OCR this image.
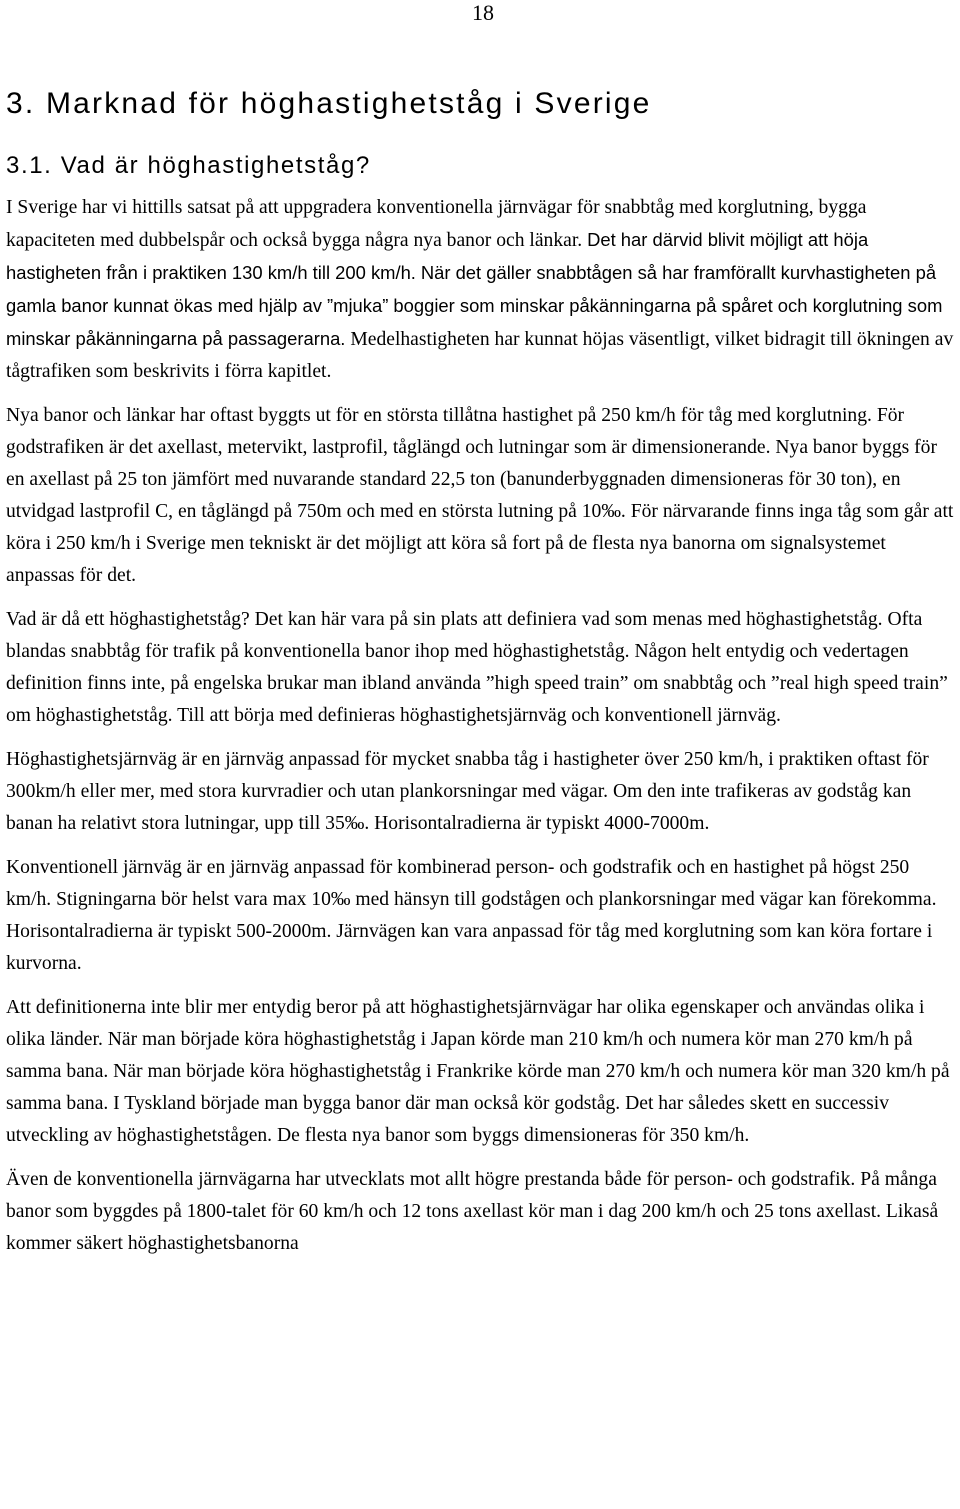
18
3. Marknad för höghastighetståg i Sverige
3.1. Vad är höghastighetståg?

I Sverige har vi hittills satsat på att uppgradera konventionella järnvägar för snabbtåg med korglutning, bygga kapaciteten med dubbelspår och också bygga några nya banor och länkar. Det har därvid blivit möjligt att höja hastigheten från i praktiken 130 km/h till 200 km/h. När det gäller snabbtågen så har framförallt kurvhastigheten på gamla banor kunnat ökas med hjälp av ”mjuka” boggier som minskar påkänningarna på spåret och korglutning som minskar påkänningarna på passagerarna. Medelhastigheten har kunnat höjas väsentligt, vilket bidragit till ökningen av tågtrafiken som beskrivits i förra kapitlet.

Nya banor och länkar har oftast byggts ut för en största tillåtna hastighet på 250 km/h för tåg med korglutning. För godstrafiken är det axellast, metervikt, lastprofil, tåglängd och lutningar som är dimensionerande. Nya banor byggs för en axellast på 25 ton jämfört med nuvarande standard 22,5 ton (banunderbyggnaden dimensioneras för 30 ton), en utvidgad lastprofil C, en tåglängd på 750m och med en största lutning på 10‰. För närvarande finns inga tåg som går att köra i 250 km/h i Sverige men tekniskt är det möjligt att köra så fort på de flesta nya banorna om signalsystemet anpassas för det.

Vad är då ett höghastighetståg? Det kan här vara på sin plats att definiera vad som menas med höghastighetståg. Ofta blandas snabbtåg för trafik på konventionella banor ihop med höghastighetståg. Någon helt entydig och vedertagen definition finns inte, på engelska brukar man ibland använda ”high speed train” om snabbtåg och ”real high speed train” om höghastighetståg. Till att börja med definieras höghastighetsjärnväg och konventionell järnväg.

Höghastighetsjärnväg är en järnväg anpassad för mycket snabba tåg i hastigheter över 250 km/h, i praktiken oftast för 300km/h eller mer, med stora kurvradier och utan plankorsningar med vägar. Om den inte trafikeras av godståg kan banan ha relativt stora lutningar, upp till 35‰. Horisontalradierna är typiskt 4000-7000m.

Konventionell järnväg är en järnväg anpassad för kombinerad person- och godstrafik och en hastighet på högst 250 km/h. Stigningarna bör helst vara max 10‰ med hänsyn till godstågen och plankorsningar med vägar kan förekomma. Horisontalradierna är typiskt 500-2000m. Järnvägen kan vara anpassad för tåg med korglutning som kan köra fortare i kurvorna.

Att definitionerna inte blir mer entydig beror på att höghastighetsjärnvägar har olika egenskaper och användas olika i olika länder. När man började köra höghastighetståg i Japan körde man 210 km/h och numera kör man 270 km/h på samma bana. När man började köra höghastighetståg i Frankrike körde man 270 km/h och numera kör man 320 km/h på samma bana. I Tyskland började man bygga banor där man också kör godståg. Det har således skett en successiv utveckling av höghastighetstågen. De flesta nya banor som byggs dimensioneras för 350 km/h.

Även de konventionella järnvägarna har utvecklats mot allt högre prestanda både för person- och godstrafik. På många banor som byggdes på 1800-talet för 60 km/h och 12 tons axellast kör man i dag 200 km/h och 25 tons axellast. Likaså kommer säkert höghastighetsbanorna
